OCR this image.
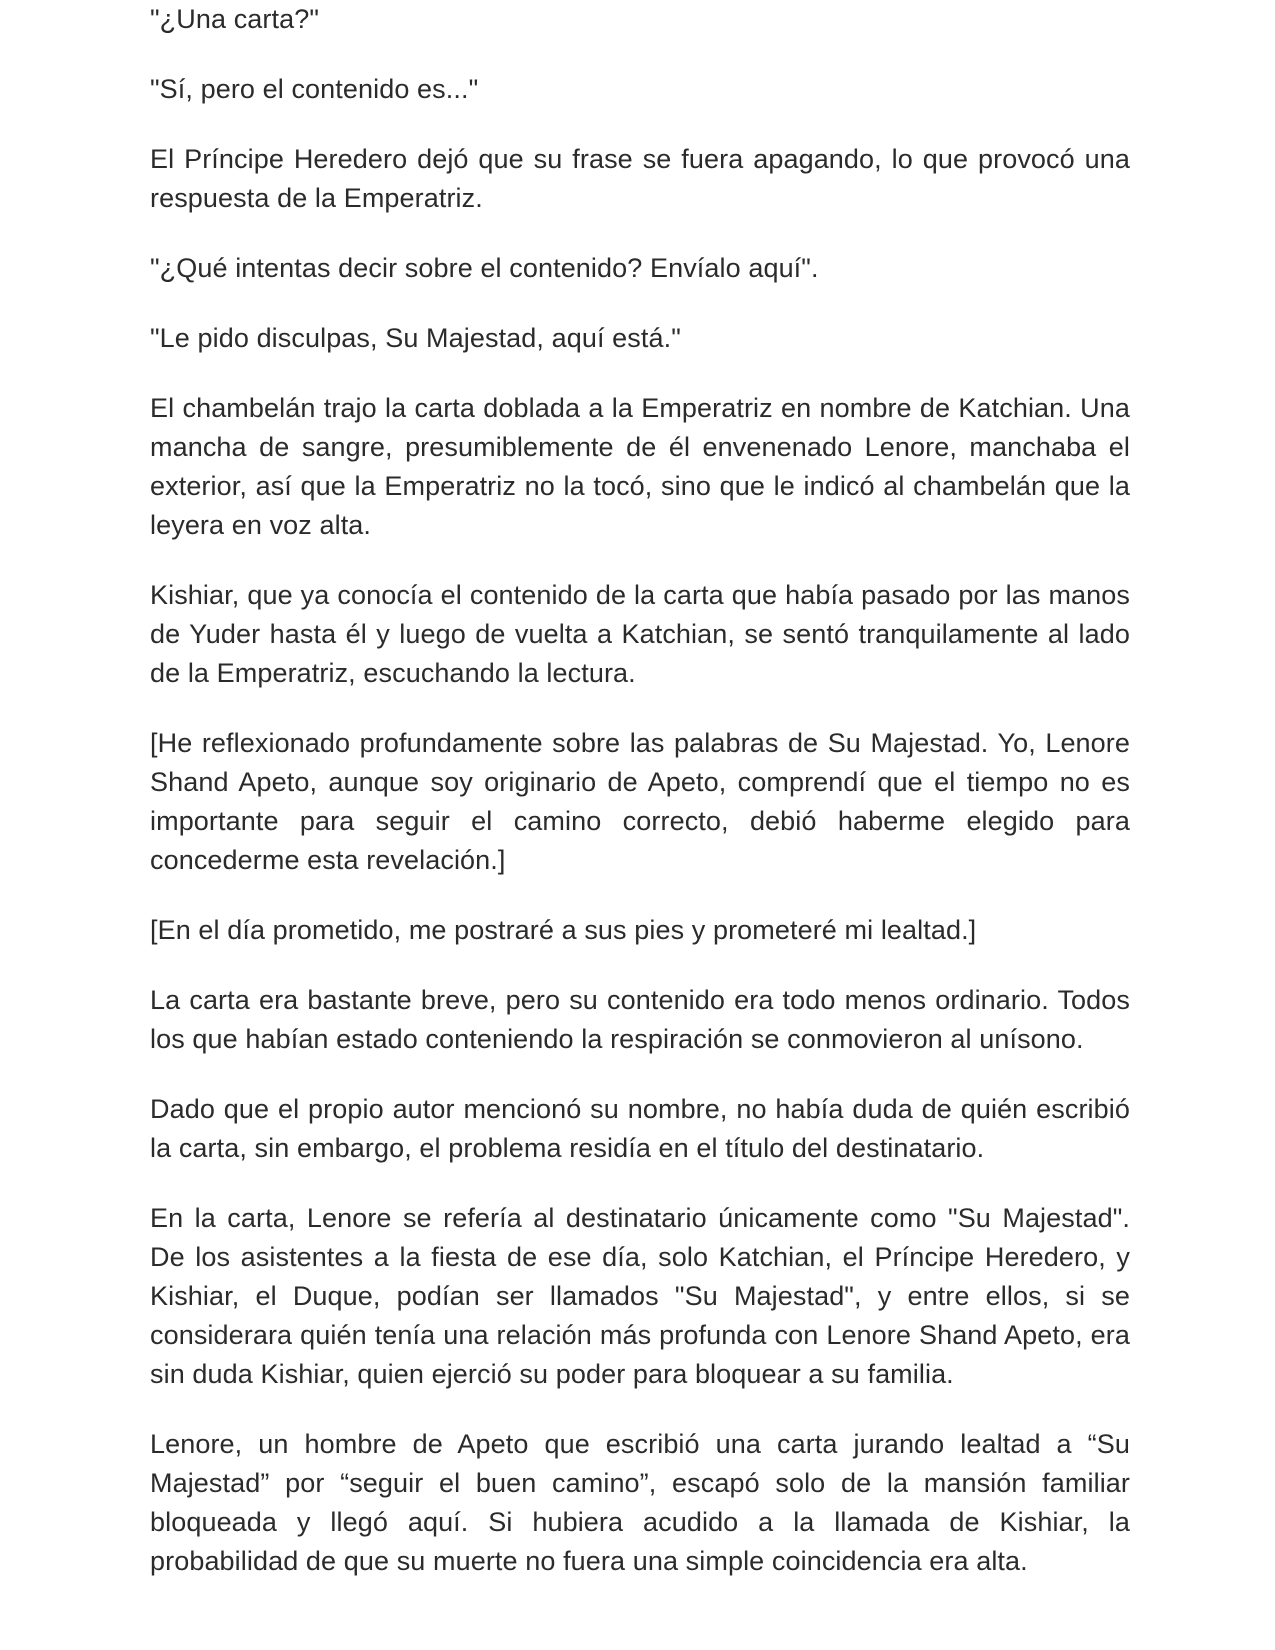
"¿Una carta?"

"Sí, pero el contenido es..."

El Príncipe Heredero dejó que su frase se fuera apagando, lo que provocó una respuesta de la Emperatriz.

"¿Qué intentas decir sobre el contenido? Envíalo aquí".

"Le pido disculpas, Su Majestad, aquí está."

El chambelán trajo la carta doblada a la Emperatriz en nombre de Katchian. Una mancha de sangre, presumiblemente de él envenenado Lenore, manchaba el exterior, así que la Emperatriz no la tocó, sino que le indicó al chambelán que la leyera en voz alta.

Kishiar, que ya conocía el contenido de la carta que había pasado por las manos de Yuder hasta él y luego de vuelta a Katchian, se sentó tranquilamente al lado de la Emperatriz, escuchando la lectura.

[He reflexionado profundamente sobre las palabras de Su Majestad. Yo, Lenore Shand Apeto, aunque soy originario de Apeto, comprendí que el tiempo no es importante para seguir el camino correcto, debió haberme elegido para concederme esta revelación.]

[En el día prometido, me postraré a sus pies y prometeré mi lealtad.]

La carta era bastante breve, pero su contenido era todo menos ordinario. Todos los que habían estado conteniendo la respiración se conmovieron al unísono.

Dado que el propio autor mencionó su nombre, no había duda de quién escribió la carta, sin embargo, el problema residía en el título del destinatario.

En la carta, Lenore se refería al destinatario únicamente como "Su Majestad". De los asistentes a la fiesta de ese día, solo Katchian, el Príncipe Heredero, y Kishiar, el Duque, podían ser llamados "Su Majestad", y entre ellos, si se considerara quién tenía una relación más profunda con Lenore Shand Apeto, era sin duda Kishiar, quien ejerció su poder para bloquear a su familia.

Lenore, un hombre de Apeto que escribió una carta jurando lealtad a “Su Majestad” por “seguir el buen camino”, escapó solo de la mansión familiar bloqueada y llegó aquí. Si hubiera acudido a la llamada de Kishiar, la probabilidad de que su muerte no fuera una simple coincidencia era alta.
